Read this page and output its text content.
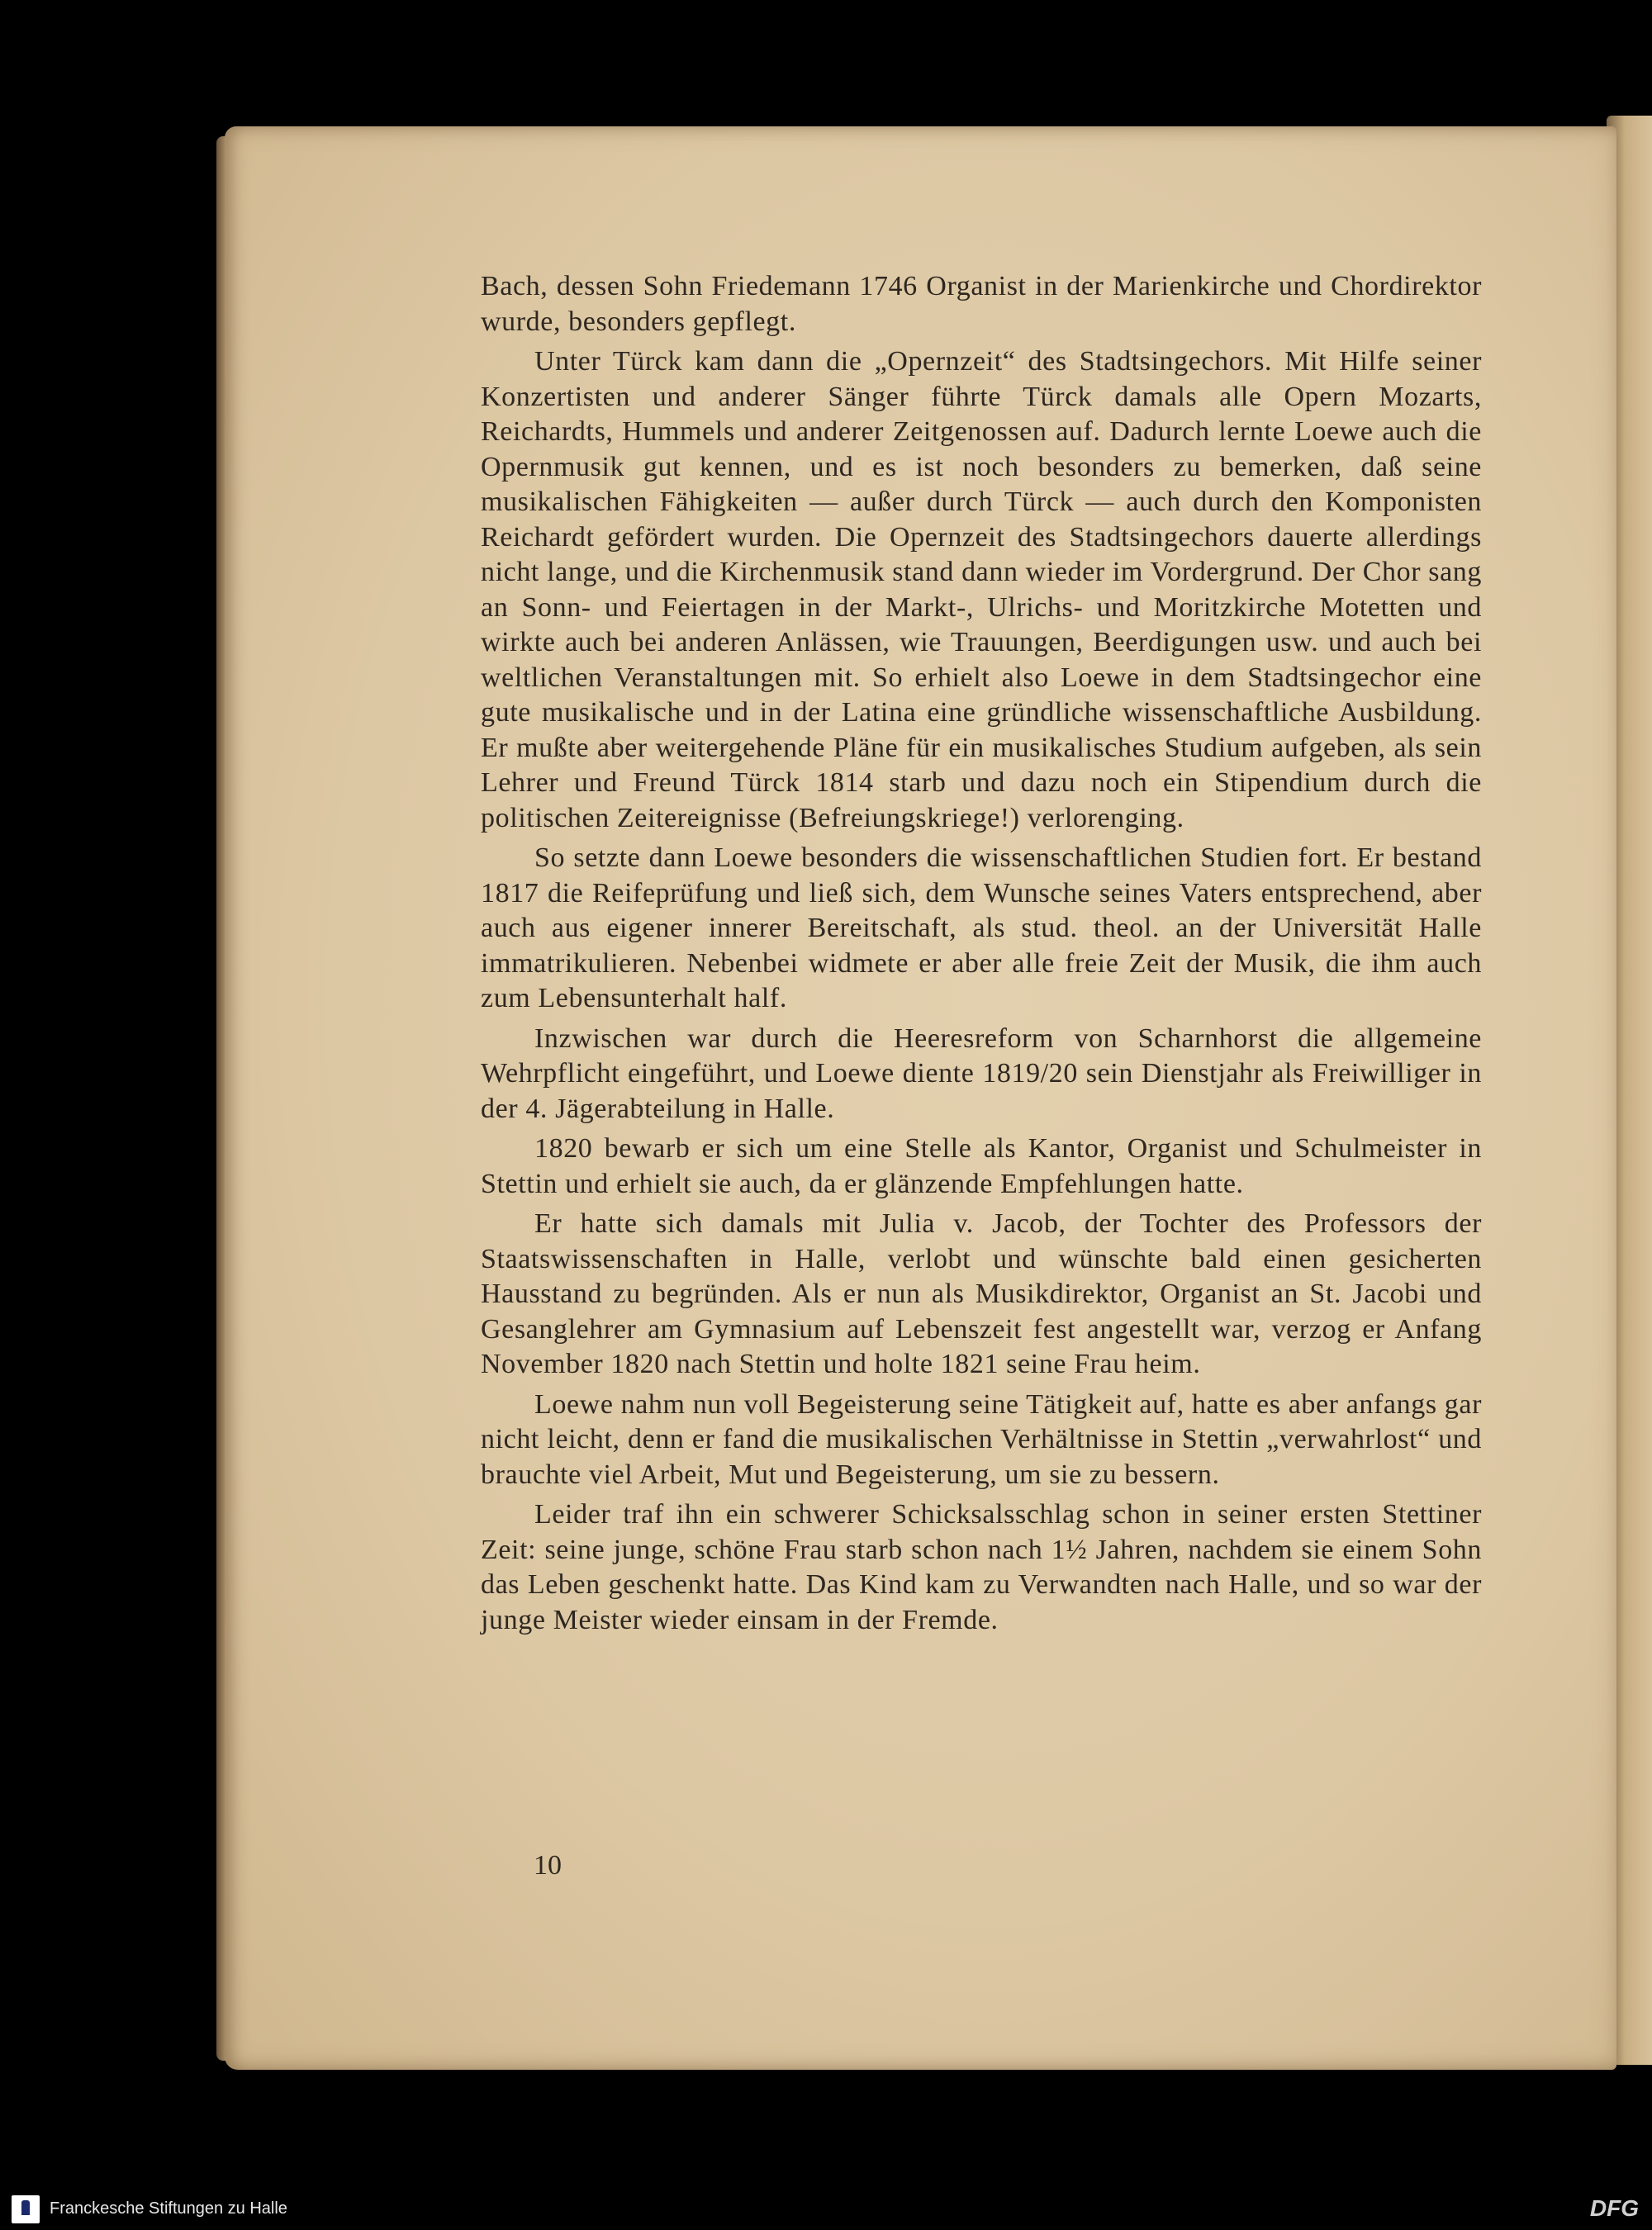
Bach, dessen Sohn Friedemann 1746 Organist in der Marienkirche und Chordirektor wurde, besonders gepflegt.

Unter Türck kam dann die „Opernzeit“ des Stadtsingechors. Mit Hilfe seiner Konzertisten und anderer Sänger führte Türck damals alle Opern Mozarts, Reichardts, Hummels und anderer Zeitgenossen auf. Dadurch lernte Loewe auch die Opernmusik gut kennen, und es ist noch besonders zu bemerken, daß seine musikalischen Fähigkeiten — außer durch Türck — auch durch den Komponisten Reichardt gefördert wurden. Die Opernzeit des Stadtsingechors dauerte allerdings nicht lange, und die Kirchenmusik stand dann wieder im Vordergrund. Der Chor sang an Sonn- und Feiertagen in der Markt-, Ulrichs- und Moritzkirche Motetten und wirkte auch bei anderen Anlässen, wie Trauungen, Beerdigungen usw. und auch bei weltlichen Veranstaltungen mit. So erhielt also Loewe in dem Stadtsingechor eine gute musikalische und in der Latina eine gründliche wissenschaftliche Ausbildung. Er mußte aber weitergehende Pläne für ein musikalisches Studium aufgeben, als sein Lehrer und Freund Türck 1814 starb und dazu noch ein Stipendium durch die politischen Zeitereignisse (Befreiungskriege!) verlorenging.

So setzte dann Loewe besonders die wissenschaftlichen Studien fort. Er bestand 1817 die Reifeprüfung und ließ sich, dem Wunsche seines Vaters entsprechend, aber auch aus eigener innerer Bereitschaft, als stud. theol. an der Universität Halle immatrikulieren. Nebenbei widmete er aber alle freie Zeit der Musik, die ihm auch zum Lebensunterhalt half.

Inzwischen war durch die Heeresreform von Scharnhorst die allgemeine Wehrpflicht eingeführt, und Loewe diente 1819/20 sein Dienstjahr als Freiwilliger in der 4. Jägerabteilung in Halle.

1820 bewarb er sich um eine Stelle als Kantor, Organist und Schulmeister in Stettin und erhielt sie auch, da er glänzende Empfehlungen hatte.

Er hatte sich damals mit Julia v. Jacob, der Tochter des Professors der Staatswissenschaften in Halle, verlobt und wünschte bald einen gesicherten Hausstand zu begründen. Als er nun als Musikdirektor, Organist an St. Jacobi und Gesanglehrer am Gymnasium auf Lebenszeit fest angestellt war, verzog er Anfang November 1820 nach Stettin und holte 1821 seine Frau heim.

Loewe nahm nun voll Begeisterung seine Tätigkeit auf, hatte es aber anfangs gar nicht leicht, denn er fand die musikalischen Verhältnisse in Stettin „verwahrlost“ und brauchte viel Arbeit, Mut und Begeisterung, um sie zu bessern.

Leider traf ihn ein schwerer Schicksalsschlag schon in seiner ersten Stettiner Zeit: seine junge, schöne Frau starb schon nach 1½ Jahren, nachdem sie einem Sohn das Leben geschenkt hatte. Das Kind kam zu Verwandten nach Halle, und so war der junge Meister wieder einsam in der Fremde.

10
Franckesche Stiftungen zu Halle	DFG
